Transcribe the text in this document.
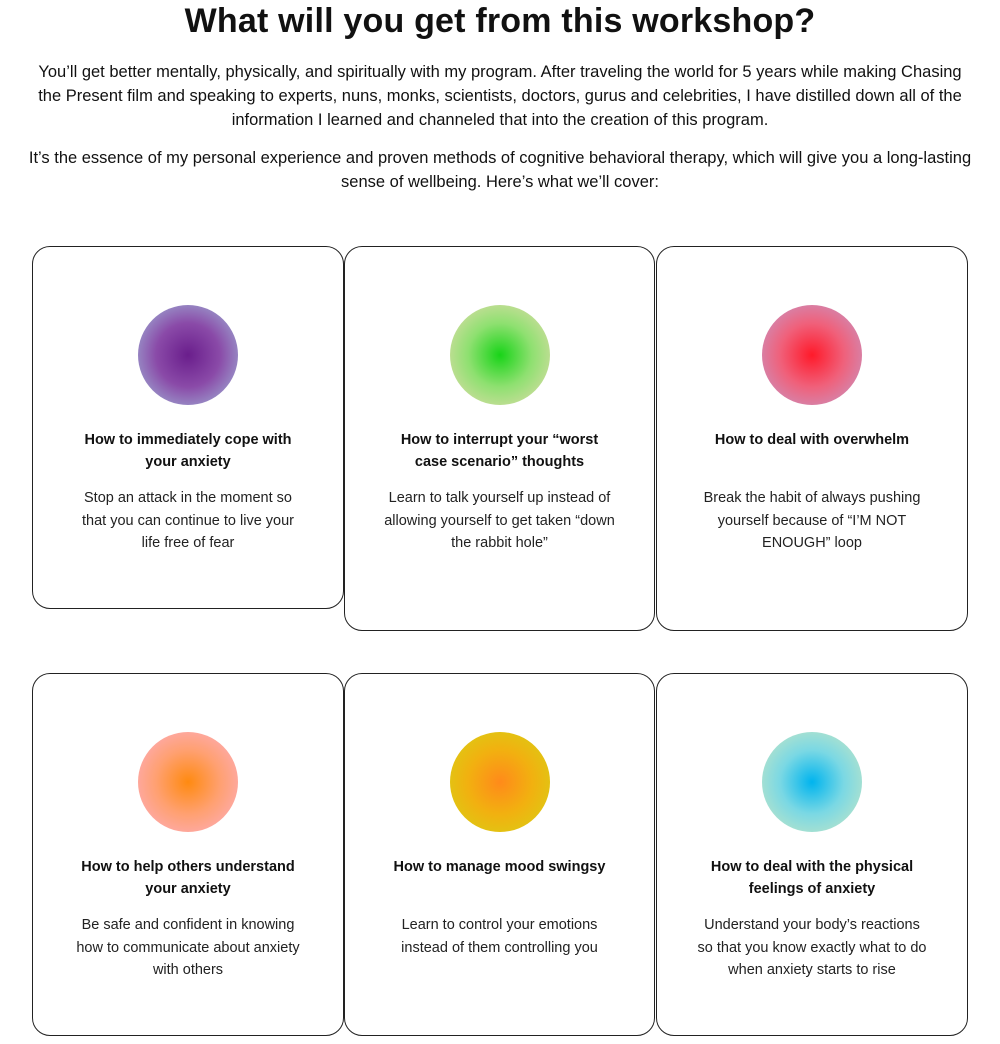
What will you get from this workshop?

You’ll get better mentally, physically, and spiritually with my program. After traveling the world for 5 years while making Chasing the Present film and speaking to experts, nuns, monks, scientists, doctors, gurus and celebrities, I have distilled down all of the information I learned and channeled that into the creation of this program.

It’s the essence of my personal experience and proven methods of cognitive behavioral therapy, which will give you a long-lasting sense of wellbeing. Here’s what we’ll cover:

How to immediately cope with your anxiety
Stop an attack in the moment so that you can continue to live your life free of fear
How to interrupt your “worst case scenario” thoughts
Learn to talk yourself up instead of allowing yourself to get taken “down the rabbit hole”
How to deal with overwhelm
Break the habit of always pushing yourself because of “I’M NOT ENOUGH” loop
How to help others understand your anxiety
Be safe and confident in knowing how to communicate about anxiety with others
How to manage mood swingsy
Learn to control your emotions instead of them controlling you
How to deal with the physical feelings of anxiety
Understand your body’s reactions so that you know exactly what to do when anxiety starts to rise
